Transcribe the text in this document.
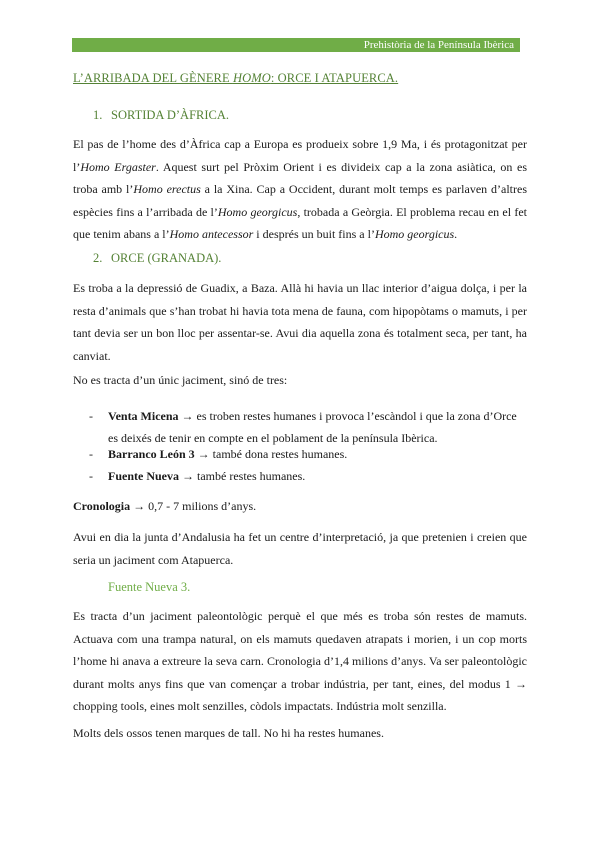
Prehistòria de la Península Ibèrica
L’ARRIBADA DEL GÈNERE HOMO: ORCE I ATAPUERCA.
1. SORTIDA D’ÀFRICA.

El pas de l’home des d’Àfrica cap a Europa es produeix sobre 1,9 Ma, i és protagonitzat per l’Homo Ergaster. Aquest surt pel Pròxim Orient i es divideix cap a la zona asiàtica, on es troba amb l’Homo erectus a la Xina. Cap a Occident, durant molt temps es parlaven d’altres espècies fins a l’arribada de l’Homo georgicus, trobada a Geòrgia. El problema recau en el fet que tenim abans a l’Homo antecessor i després un buit fins a l’Homo georgicus.

2. ORCE (GRANADA).

Es troba a la depressió de Guadix, a Baza. Allà hi havia un llac interior d’aigua dolça, i per la resta d’animals que s’han trobat hi havia tota mena de fauna, com hipopòtams o mamuts, i per tant devia ser un bon lloc per assentar-se. Avui dia aquella zona és totalment seca, per tant, ha canviat.

No es tracta d’un únic jaciment, sinó de tres:
- Venta Micena → es troben restes humanes i provoca l’escàndol i que la zona d’Orce es deixés de tenir en compte en el poblament de la península Ibèrica.
- Barranco León 3 → també dona restes humanes.
- Fuente Nueva → també restes humanes.
Cronologia → 0,7 - 7 milions d’anys.

Avui en dia la junta d’Andalusia ha fet un centre d’interpretació, ja que pretenien i creien que seria un jaciment com Atapuerca.

Fuente Nueva 3.

Es tracta d’un jaciment paleontològic perquè el que més es troba són restes de mamuts. Actuava com una trampa natural, on els mamuts quedaven atrapats i morien, i un cop morts l’home hi anava a extreure la seva carn. Cronologia d’1,4 milions d’anys. Va ser paleontològic durant molts anys fins que van començar a trobar indústria, per tant, eines, del modus 1 → chopping tools, eines molt senzilles, còdols impactats. Indústria molt senzilla.

Molts dels ossos tenen marques de tall. No hi ha restes humanes.
